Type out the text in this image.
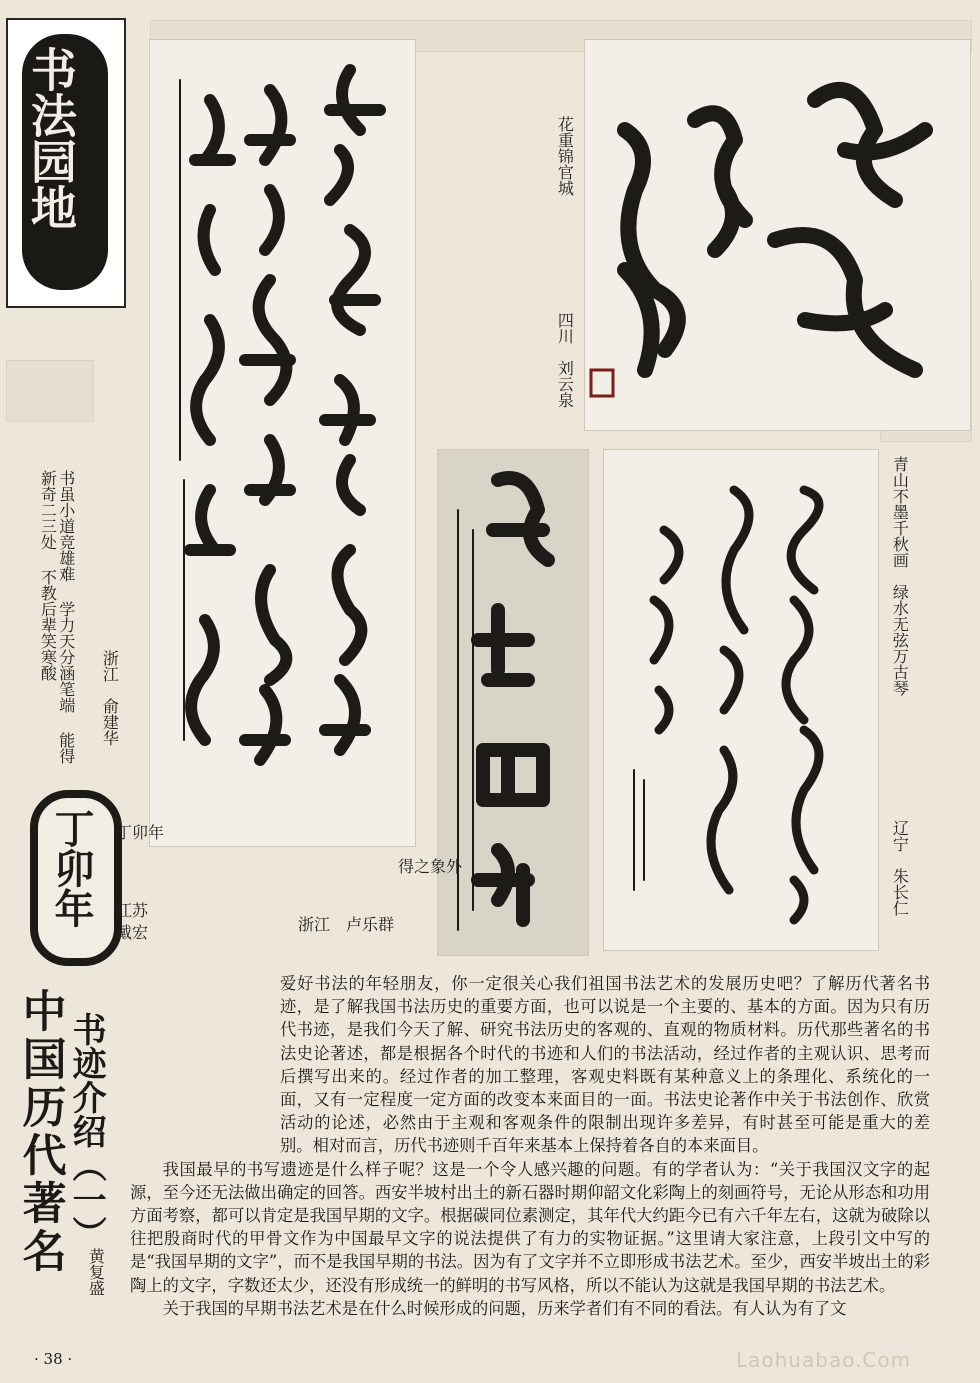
书法园地
书虽小道竞雄难 学力天分涵笔端 能得新奇二三处 不教后辈笑寒酸
浙江　俞建华
花重锦官城
四川　刘云泉
得之象外
浙江　卢乐群
青山不墨千秋画　绿水无弦万古琴
辽宁　朱长仁
丁卯年 丁卯年
江苏　戴宏
中国历代著名 书迹介绍（一）
黄复盛

爱好书法的年轻朋友，你一定很关心我们祖国书法艺术的发展历史吧？了解历代著名书迹，是了解我国书法历史的重要方面，也可以说是一个主要的、基本的方面。因为只有历代书迹，是我们今天了解、研究书法历史的客观的、直观的物质材料。历代那些著名的书法史论著述，都是根据各个时代的书迹和人们的书法活动，经过作者的主观认识、思考而后撰写出来的。经过作者的加工整理，客观史料既有某种意义上的条理化、系统化的一面，又有一定程度一定方面的改变本来面目的一面。书法史论著作中关于书法创作、欣赏活动的论述，必然由于主观和客观条件的限制出现许多差异，有时甚至可能是重大的差别。相对而言，历代书迹则千百年来基本上保持着各自的本来面目。

我国最早的书写遗迹是什么样子呢？这是一个令人感兴趣的问题。有的学者认为：“关于我国汉文字的起源，至今还无法做出确定的回答。西安半坡村出土的新石器时期仰韶文化彩陶上的刻画符号，无论从形态和功用方面考察，都可以肯定是我国早期的文字。根据碳同位素测定，其年代大约距今已有六千年左右，这就为破除以往把殷商时代的甲骨文作为中国最早文字的说法提供了有力的实物证据。”这里请大家注意，上段引文中写的是“我国早期的文字”，而不是我国早期的书法。因为有了文字并不立即形成书法艺术。至少，西安半坡出土的彩陶上的文字，字数还太少，还没有形成统一的鲜明的书写风格，所以不能认为这就是我国早期的书法艺术。

关于我国的早期书法艺术是在什么时候形成的问题，历来学者们有不同的看法。有人认为有了文

· 38 ·	Laohuabao.Com
